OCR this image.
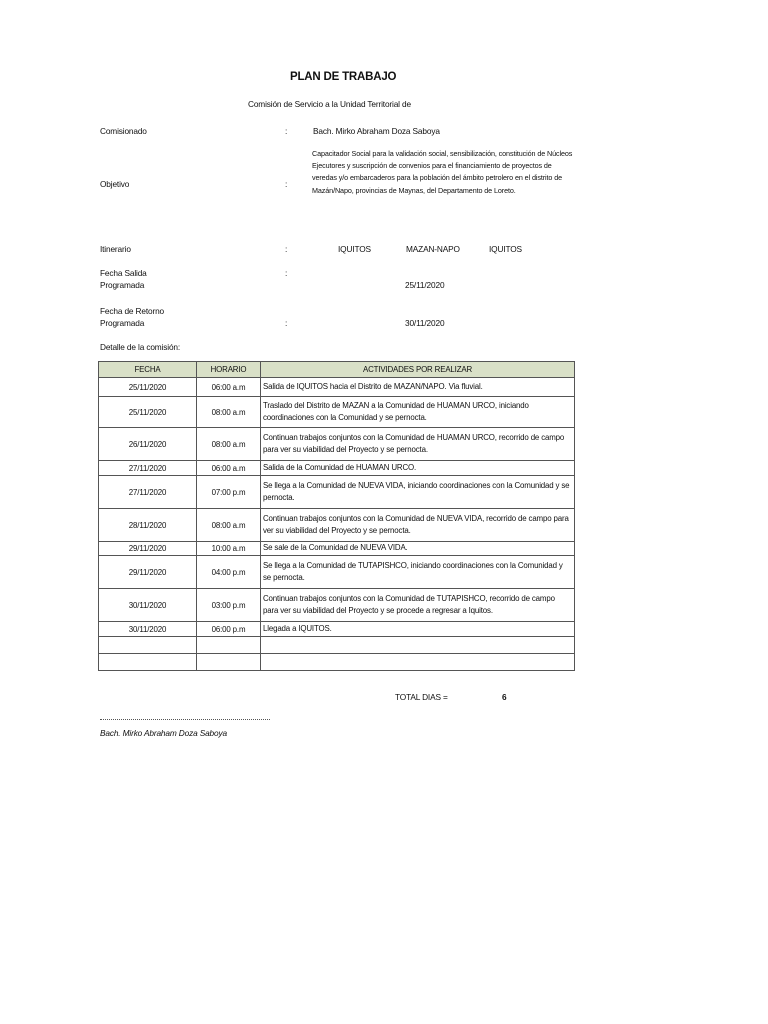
PLAN DE TRABAJO
Comisión de Servicio a la Unidad Territorial de
Comisionado	:	Bach. Mirko Abraham Doza Saboya
Objetivo	:
Capacitador Social para la validación social, sensibilización, constitución de Núcleos Ejecutores y suscripción de convenios para el financiamiento de proyectos de veredas y/o embarcaderos para la población del ámbito petrolero en el distrito de Mazán/Napo, provincias de Maynas, del Departamento de Loreto.
Itinerario	:	IQUITOS	MAZAN-NAPO	IQUITOS
Fecha Salida
Programada
:
25/11/2020
Fecha de Retorno
Programada	:	30/11/2020
Detalle de la comisión:
FECHA	HORARIO	ACTIVIDADES POR REALIZAR
25/11/2020	06:00 a.m	Salida de IQUITOS hacia el Distrito de MAZAN/NAPO. Via fluvial.
25/11/2020	08:00 a.m	Traslado del Distrito de MAZAN a la Comunidad de HUAMAN URCO, iniciando coordinaciones con la Comunidad y se pernocta.
26/11/2020	08:00 a.m	Continuan trabajos conjuntos con la Comunidad de HUAMAN URCO, recorrido de campo para ver su viabilidad del Proyecto y se pernocta.
27/11/2020	06:00 a.m	Salida de la Comunidad de HUAMAN URCO.
27/11/2020	07:00 p.m	Se llega a la Comunidad de NUEVA VIDA, iniciando coordinaciones con la Comunidad y se pernocta.
28/11/2020	08:00 a.m	Continuan trabajos conjuntos con la Comunidad de NUEVA VIDA, recorrido de campo para ver su viabilidad del Proyecto y se pernocta.
29/11/2020	10:00 a.m	Se sale de la Comunidad de NUEVA VIDA.
29/11/2020	04:00 p.m	Se llega a la Comunidad de TUTAPISHCO, iniciando coordinaciones con la Comunidad y se pernocta.
30/11/2020	03:00 p.m	Continuan trabajos conjuntos con la Comunidad de TUTAPISHCO, recorrido de campo para ver su viabilidad del Proyecto y se procede a regresar a Iquitos.
30/11/2020	06:00 p.m	Llegada a IQUITOS.

TOTAL DIAS =	6
Bach. Mirko Abraham Doza Saboya
